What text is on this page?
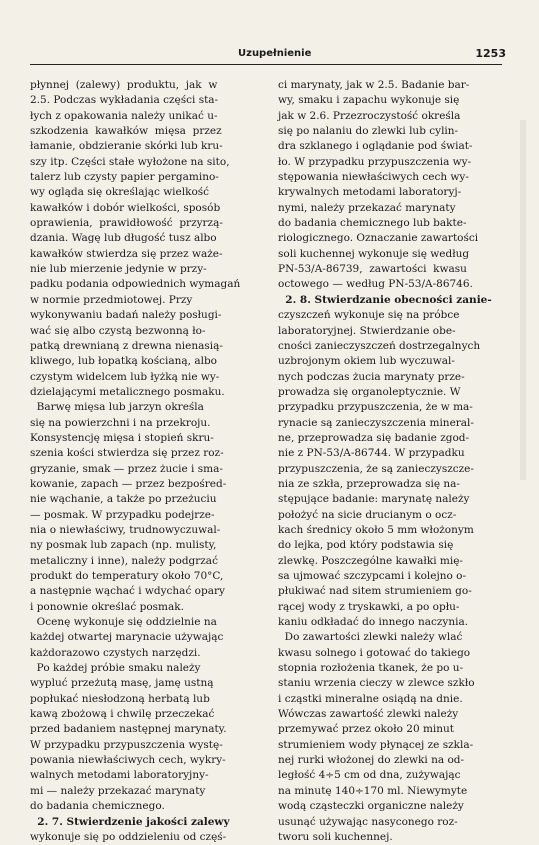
Uzupełnienie	1253
płynnej  (zalewy)  produktu,  jak  w
2.5. Podczas wykładania części sta-
łych z opakowania należy unikać u-
szkodzenia  kawałków  mięsa  przez
łamanie, obdzieranie skórki lub kru-
szy itp. Części stałe wyłożone na sito,
talerz lub czysty papier pergamino-
wy ogląda się określając wielkość
kawałków i dobór wielkości, sposób
oprawienia,  prawidłowość  przyrzą-
dzania. Wagę lub długość tusz albo
kawałków stwierdza się przez waże-
nie lub mierzenie jedynie w przy-
padku podania odpowiednich wymagań
w normie przedmiotowej. Przy
wykonywaniu badań należy posługi-
wać się albo czystą bezwonną ło-
patką drewnianą z drewna nienasią-
kliwego, lub łopatką kościaną, albo
czystym widelcem lub łyżką nie wy-
dzielającymi metalicznego posmaku.
Barwę mięsa lub jarzyn określa
się na powierzchni i na przekroju.
Konsystencję mięsa i stopień skru-
szenia kości stwierdza się przez roz-
gryzanie, smak — przez żucie i sma-
kowanie, zapach — przez bezpośred-
nie wąchanie, a także po przeżuciu
— posmak. W przypadku podejrze-
nia o niewłaściwy, trudnowyczuwal-
ny posmak lub zapach (np. mulisty,
metaliczny i inne), należy podgrzać
produkt do temperatury około 70°C,
a następnie wąchać i wdychać opary
i ponownie określać posmak.
Ocenę wykonuje się oddzielnie na
każdej otwartej marynacie używając
każdorazowo czystych narzędzi.
Po każdej próbie smaku należy
wypluć przeżutą masę, jamę ustną
popłukać niesłodzoną herbatą lub
kawą zbożową i chwilę przeczekać
przed badaniem następnej marynaty.
W przypadku przypuszczenia wystę-
powania niewłaściwych cech, wykry-
walnych metodami laboratoryjny-
mi — należy przekazać marynaty
do badania chemicznego.
2. 7. Stwierdzenie jakości zalewy
wykonuje się po oddzieleniu od częś-
ci marynaty, jak w 2.5. Badanie bar-
wy, smaku i zapachu wykonuje się
jak w 2.6. Przezroczystość określa
się po nalaniu do zlewki lub cylin-
dra szklanego i oglądanie pod świat-
ło. W przypadku przypuszczenia wy-
stępowania niewłaściwych cech wy-
krywalnych metodami laboratoryj-
nymi, należy przekazać marynaty
do badania chemicznego lub bakte-
riologicznego. Oznaczanie zawartości
soli kuchennej wykonuje się według
PN-53/A-86739,  zawartości  kwasu
octowego — według PN-53/A-86746.
2. 8. Stwierdzanie obecności zanie-
czyszczeń wykonuje się na próbce
laboratoryjnej. Stwierdzanie obe-
cności zanieczyszczeń dostrzegalnych
uzbrojonym okiem lub wyczuwal-
nych podczas żucia marynaty prze-
prowadza się organoleptycznie. W
przypadku przypuszczenia, że w ma-
rynacie są zanieczyszczenia mineral-
ne, przeprowadza się badanie zgod-
nie z PN-53/A-86744. W przypadku
przypuszczenia, że są zanieczyszcze-
nia ze szkła, przeprowadza się na-
stępujące badanie: marynatę należy
położyć na sicie drucianym o ocz-
kach średnicy około 5 mm włożonym
do lejka, pod który podstawia się
zlewkę. Poszczególne kawałki mię-
sa ujmować szczypcami i kolejno o-
płukiwać nad sitem strumieniem go-
rącej wody z tryskawki, a po opłu-
kaniu odkładać do innego naczynia.
Do zawartości zlewki należy wlać
kwasu solnego i gotować do takiego
stopnia rozłożenia tkanek, że po u-
staniu wrzenia cieczy w zlewce szkło
i cząstki mineralne osiądą na dnie.
Wówczas zawartość zlewki należy
przemywać przez około 20 minut
strumieniem wody płynącej ze szkla-
nej rurki włożonej do zlewki na od-
ległość 4÷5 cm od dna, zużywając
na minutę 140÷170 ml. Niewymyte
wodą cząsteczki organiczne należy
usunąć używając nasyconego roz-
tworu soli kuchennej.
